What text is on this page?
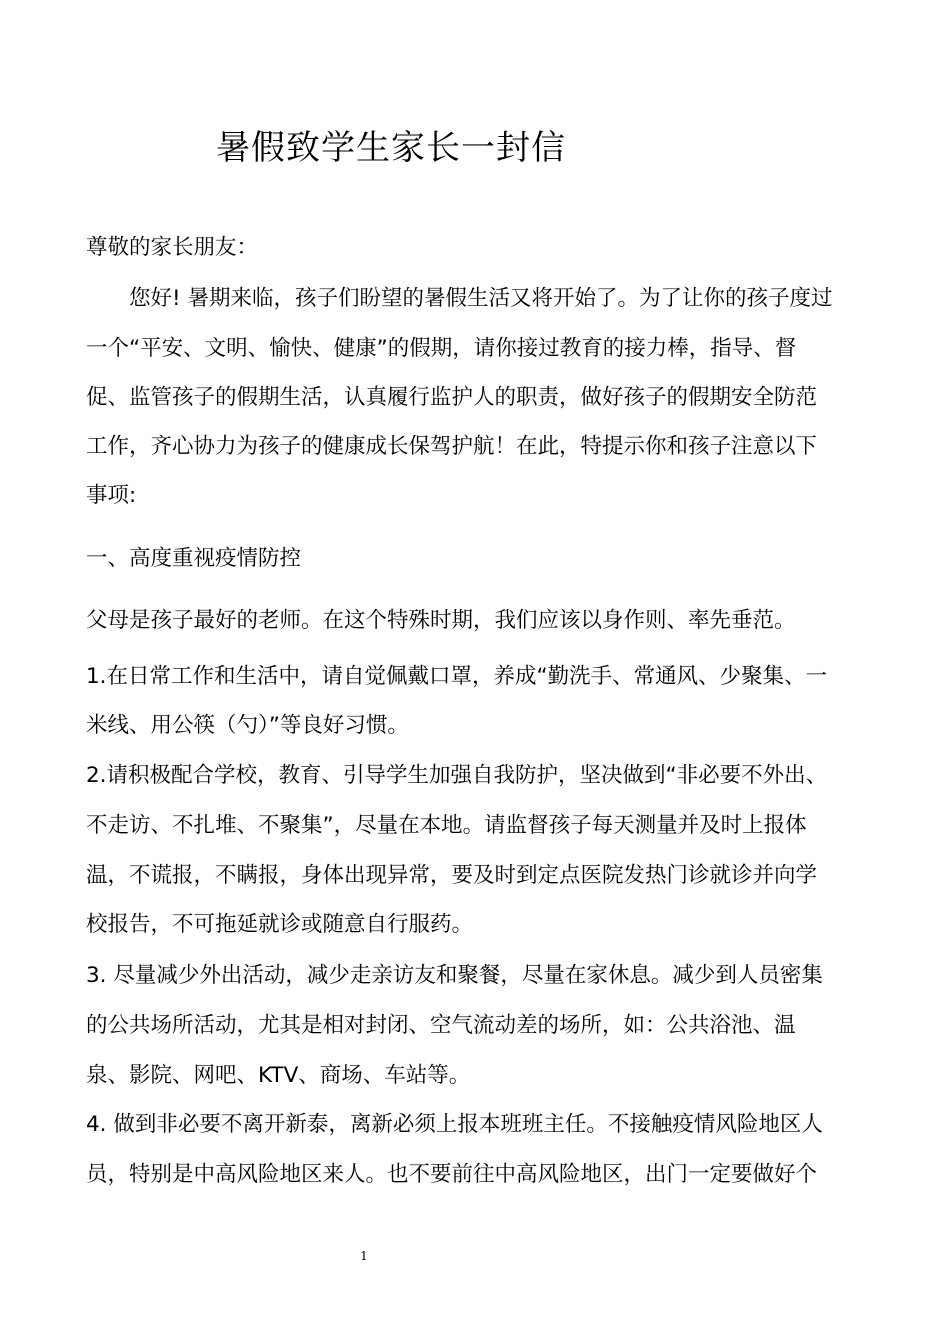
暑假致学生家长一封信

尊敬的家长朋友：

您好! 暑期来临，孩子们盼望的暑假生活又将开始了。为了让你的孩子度过

一个“平安、文明、愉快、健康”的假期，请你接过教育的接力棒，指导、督

促、监管孩子的假期生活，认真履行监护人的职责，做好孩子的假期安全防范

工作，齐心协力为孩子的健康成长保驾护航！在此，特提示你和孩子注意以下

事项:

一、高度重视疫情防控

父母是孩子最好的老师。在这个特殊时期，我们应该以身作则、率先垂范。

1.在日常工作和生活中，请自觉佩戴口罩，养成“勤洗手、常通风、少聚集、一

米线、用公筷（勺）”等良好习惯。

2.请积极配合学校，教育、引导学生加强自我防护，坚决做到“非必要不外出、

不走访、不扎堆、不聚集”，尽量在本地。请监督孩子每天测量并及时上报体

温，不谎报，不瞒报，身体出现异常，要及时到定点医院发热门诊就诊并向学

校报告，不可拖延就诊或随意自行服药。

3. 尽量减少外出活动，减少走亲访友和聚餐，尽量在家休息。减少到人员密集

的公共场所活动，尤其是相对封闭、空气流动差的场所，如：公共浴池、温

泉、影院、网吧、KTV、商场、车站等。

4. 做到非必要不离开新泰，离新必须上报本班班主任。不接触疫情风险地区人

员，特别是中高风险地区来人。也不要前往中高风险地区，出门一定要做好个

1
